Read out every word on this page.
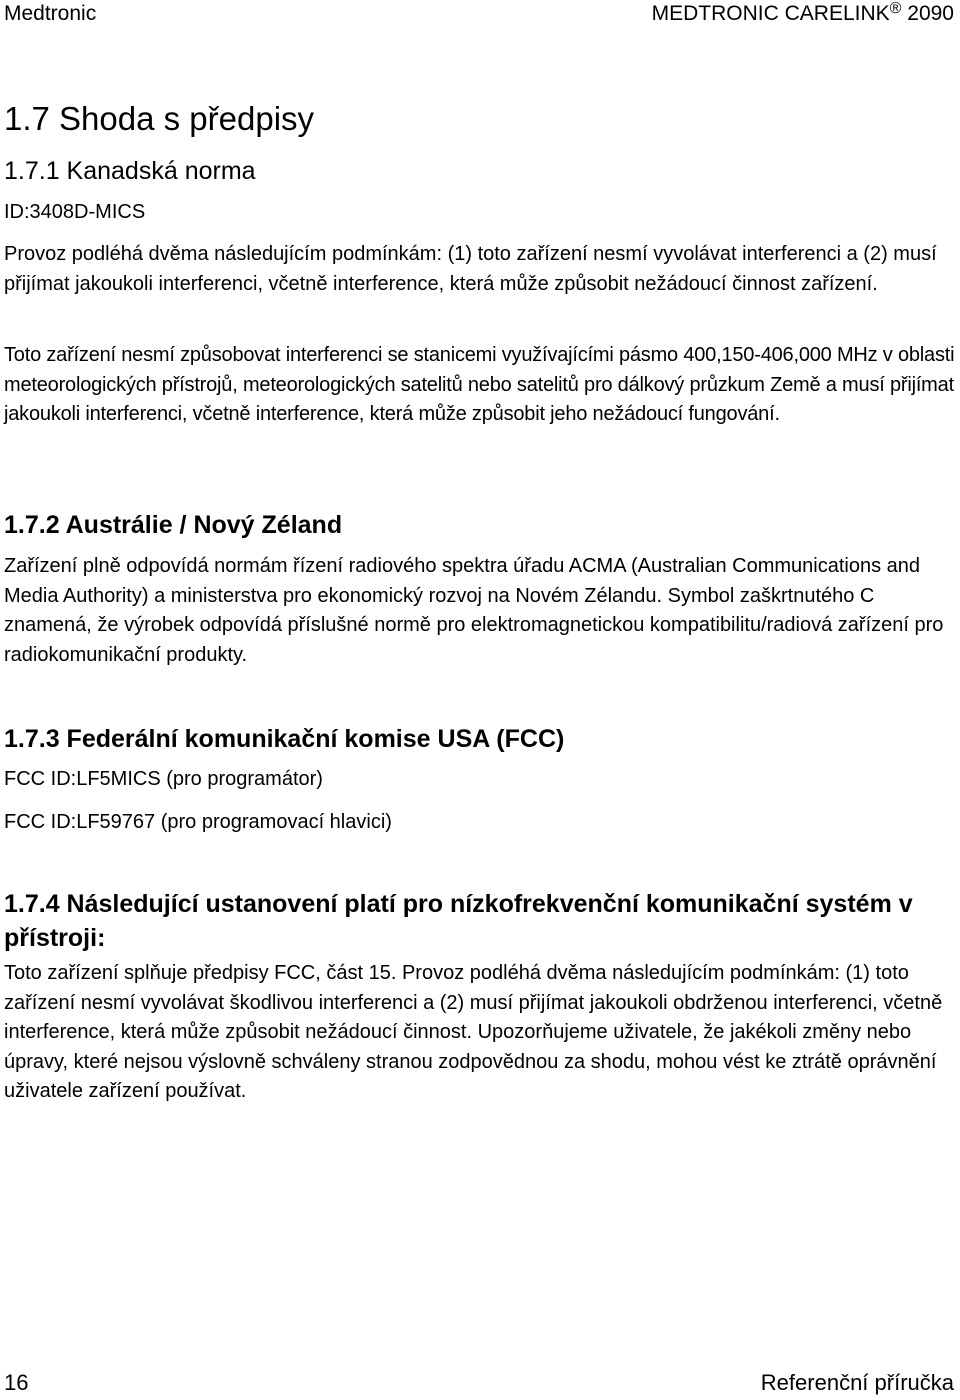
Medtronic	MEDTRONIC CARELINK® 2090
1.7 Shoda s předpisy
1.7.1 Kanadská norma

ID:3408D-MICS

Provoz podléhá dvěma následujícím podmínkám: (1) toto zařízení nesmí vyvolávat interferenci a (2) musí přijímat jakoukoli interferenci, včetně interference, která může způsobit nežádoucí činnost zařízení.

Toto zařízení nesmí způsobovat interferenci se stanicemi využívajícími pásmo 400,150-406,000 MHz v oblasti meteorologických přístrojů, meteorologických satelitů nebo satelitů pro dálkový průzkum Země a musí přijímat jakoukoli interferenci, včetně interference, která může způsobit jeho nežádoucí fungování.

1.7.2 Austrálie / Nový Zéland

Zařízení plně odpovídá normám řízení radiového spektra úřadu ACMA (Australian Communications and Media Authority) a ministerstva pro ekonomický rozvoj na Novém Zélandu. Symbol zaškrtnutého C znamená, že výrobek odpovídá příslušné normě pro elektromagnetickou kompatibilitu/radiová zařízení pro radiokomunikační produkty.

1.7.3 Federální komunikační komise USA (FCC)

FCC ID:LF5MICS (pro programátor)

FCC ID:LF59767 (pro programovací hlavici)

1.7.4 Následující ustanovení platí pro nízkofrekvenční komunikační systém v přístroji:

Toto zařízení splňuje předpisy FCC, část 15. Provoz podléhá dvěma následujícím podmínkám: (1) toto zařízení nesmí vyvolávat škodlivou interferenci a (2) musí přijímat jakoukoli obdrženou interferenci, včetně interference, která může způsobit nežádoucí činnost. Upozorňujeme uživatele, že jakékoli změny nebo úpravy, které nejsou výslovně schváleny stranou zodpovědnou za shodu, mohou vést ke ztrátě oprávnění uživatele zařízení používat.

16	Referenční příručka
